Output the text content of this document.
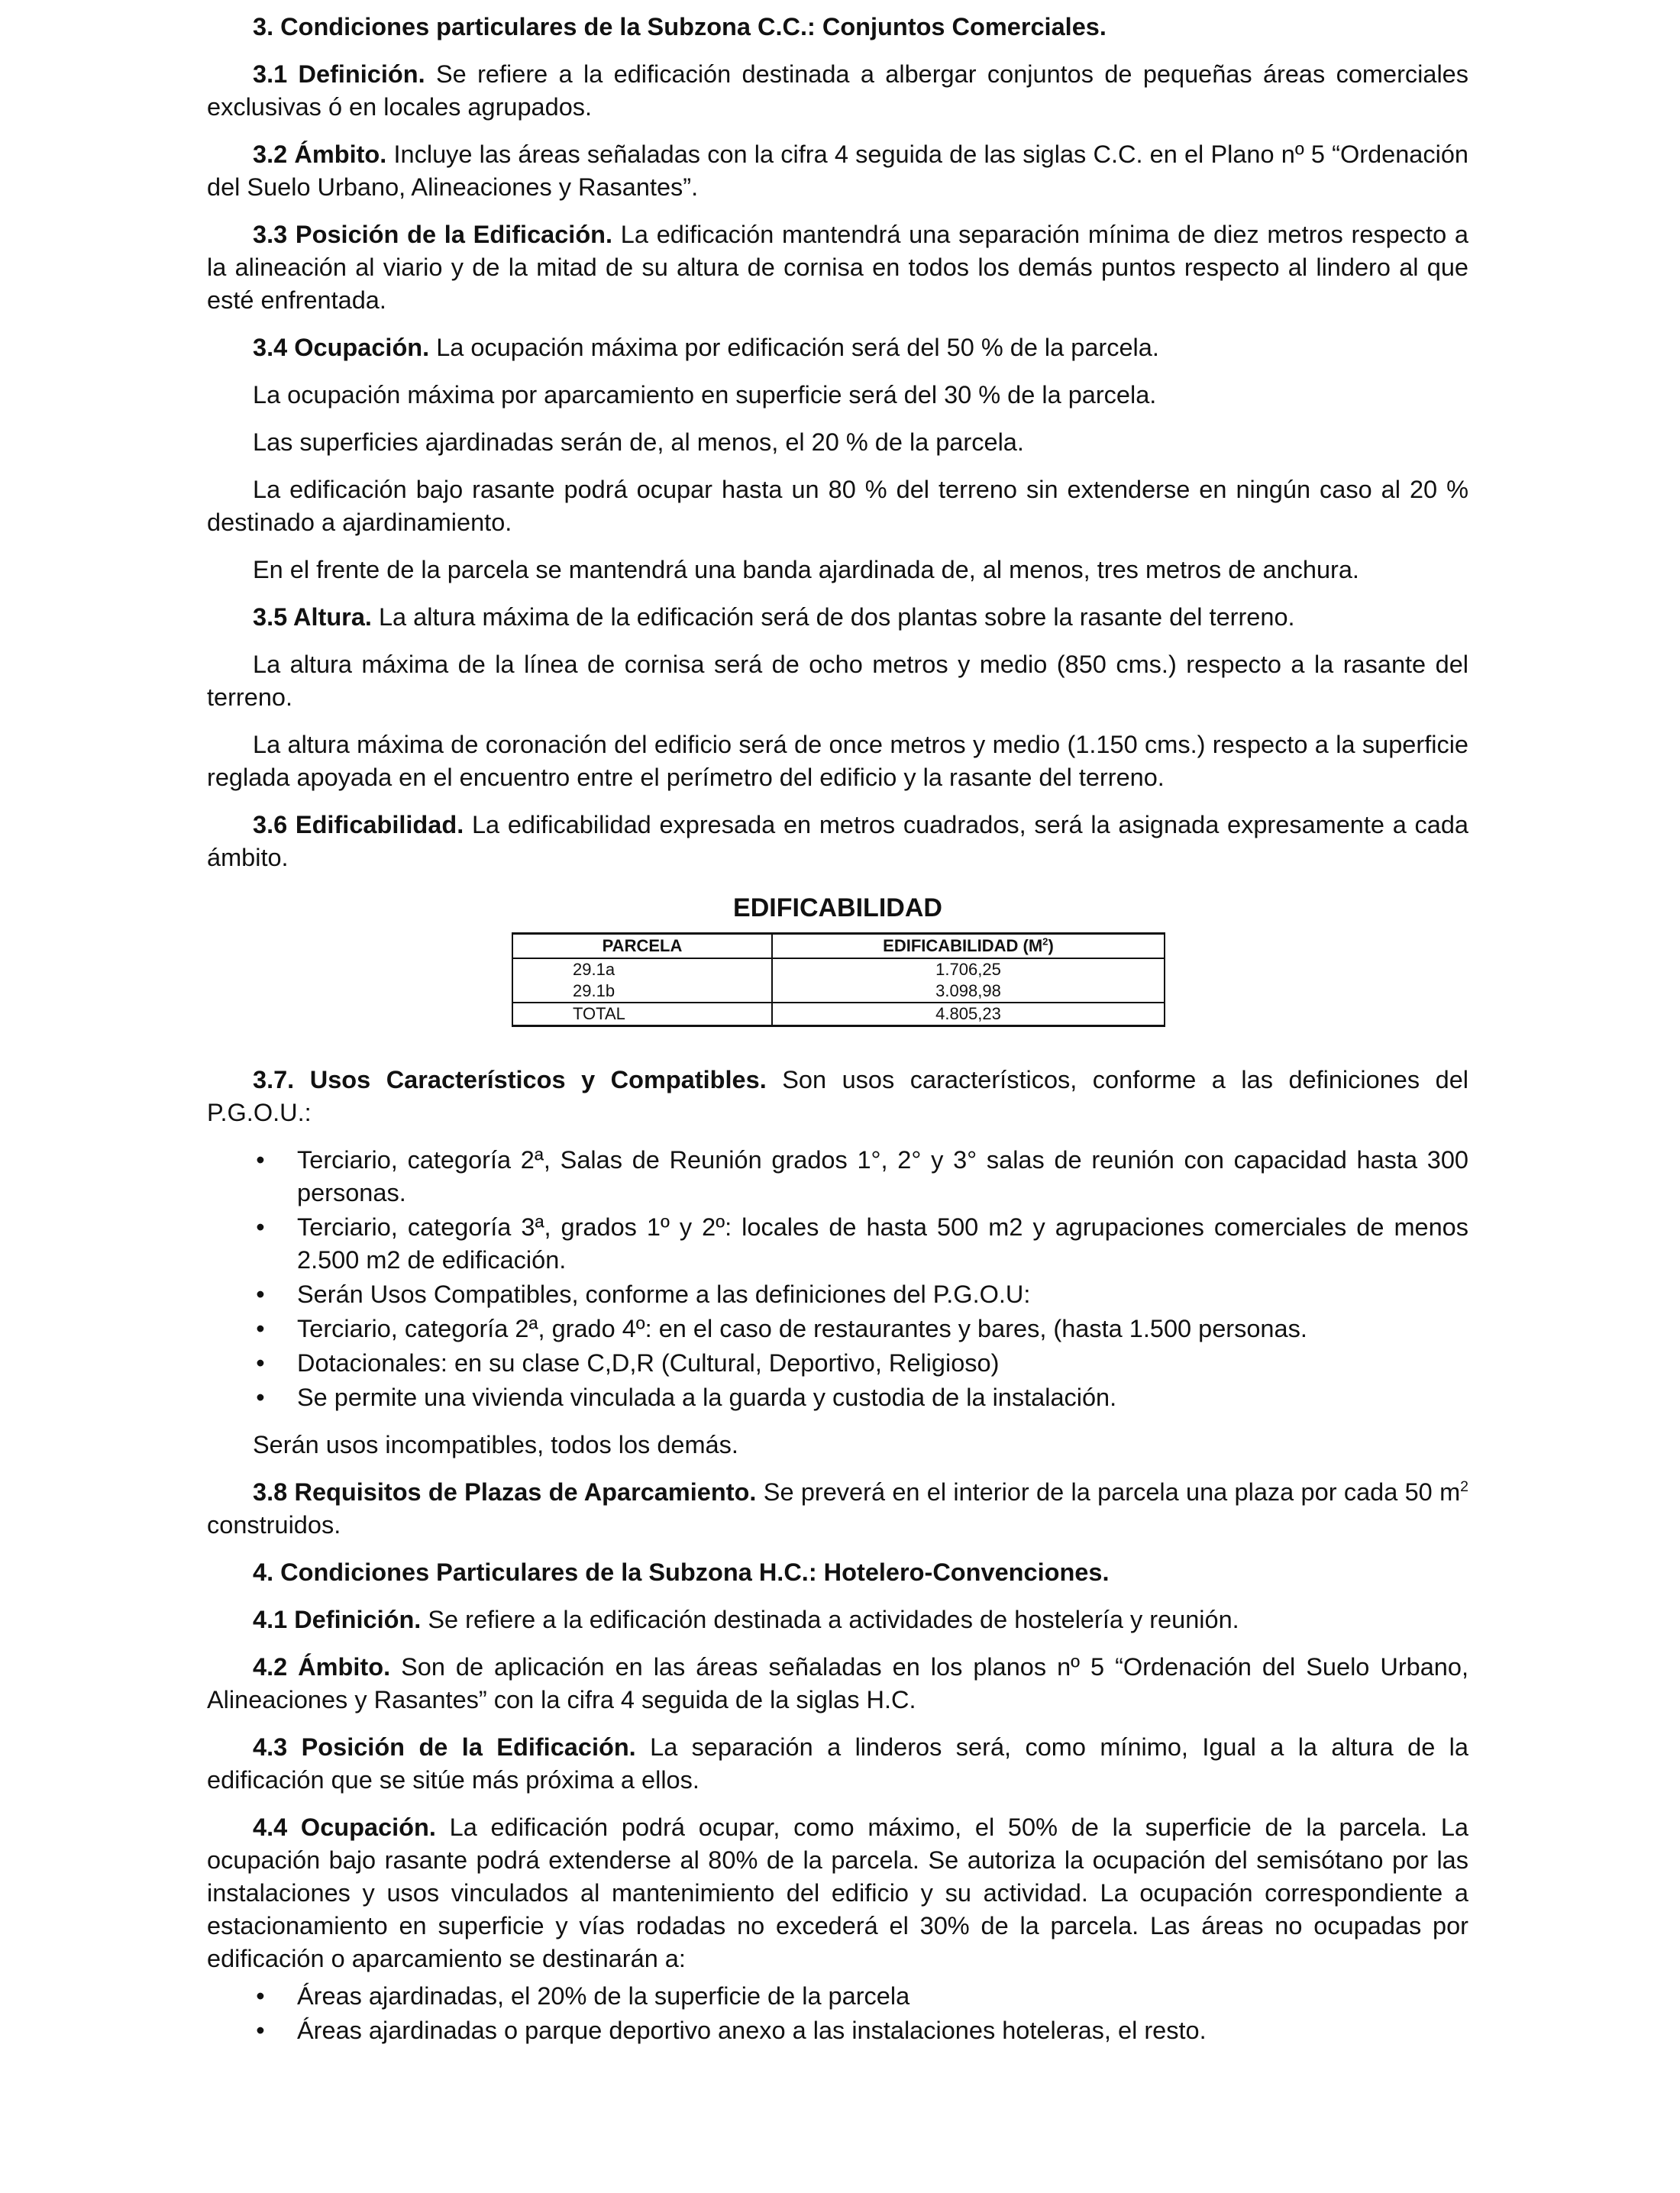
3. Condiciones particulares de la Subzona C.C.: Conjuntos Comerciales.

3.1 Definición. Se refiere a la edificación destinada a albergar conjuntos de pequeñas áreas comerciales exclusivas ó en locales agrupados.

3.2 Ámbito. Incluye las áreas señaladas con la cifra 4 seguida de las siglas C.C. en el Plano nº 5 “Ordenación del Suelo Urbano, Alineaciones y Rasantes”.

3.3 Posición de la Edificación. La edificación mantendrá una separación mínima de diez metros respecto a la alineación al viario y de la mitad de su altura de cornisa en todos los demás puntos respecto al lindero al que esté enfrentada.

3.4 Ocupación. La ocupación máxima por edificación será del 50 % de la parcela.

La ocupación máxima por aparcamiento en superficie será del 30 % de la parcela.

Las superficies ajardinadas serán de, al menos, el 20 % de la parcela.

La edificación bajo rasante podrá ocupar hasta un 80 % del terreno sin extenderse en ningún caso al 20 % destinado a ajardinamiento.

En el frente de la parcela se mantendrá una banda ajardinada de, al menos, tres metros de anchura.

3.5 Altura. La altura máxima de la edificación será de dos plantas sobre la rasante del terreno.

La altura máxima de la línea de cornisa será de ocho metros y medio (850 cms.) respecto a la rasante del terreno.

La altura máxima de coronación del edificio será de once metros y medio (1.150 cms.) respecto a la superficie reglada apoyada en el encuentro entre el perímetro del edificio y la rasante del terreno.

3.6 Edificabilidad. La edificabilidad expresada en metros cuadrados, será la asignada expresamente a cada ámbito.

EDIFICABILIDAD
PARCELA	EDIFICABILIDAD $(M^2)$
29.1a	1.706,25
29.1b	3.098,98
TOTAL	4.805,23

3.7. Usos Característicos y Compatibles. Son usos característicos, conforme a las definiciones del P.G.O.U.:

• Terciario, categoría 2ª, Salas de Reunión grados 1°, 2° y 3° salas de reunión con capacidad hasta 300 personas.
• Terciario, categoría 3ª, grados 1º y 2º: locales de hasta 500 m2 y agrupaciones comerciales de menos 2.500 m2 de edificación.
• Serán Usos Compatibles, conforme a las definiciones del P.G.O.U:
• Terciario, categoría 2ª, grado 4º: en el caso de restaurantes y bares, (hasta 1.500 personas.
• Dotacionales: en su clase C,D,R (Cultural, Deportivo, Religioso)
• Se permite una vivienda vinculada a la guarda y custodia de la instalación.

Serán usos incompatibles, todos los demás.

3.8 Requisitos de Plazas de Aparcamiento. Se preverá en el interior de la parcela una plaza por cada 50 $m^2$ construidos.

4. Condiciones Particulares de la Subzona H.C.: Hotelero-Convenciones.

4.1 Definición. Se refiere a la edificación destinada a actividades de hostelería y reunión.

4.2 Ámbito. Son de aplicación en las áreas señaladas en los planos nº 5 “Ordenación del Suelo Urbano, Alineaciones y Rasantes” con la cifra 4 seguida de la siglas H.C.

4.3 Posición de la Edificación. La separación a linderos será, como mínimo, Igual a la altura de la edificación que se sitúe más próxima a ellos.

4.4 Ocupación. La edificación podrá ocupar, como máximo, el 50% de la superficie de la parcela. La ocupación bajo rasante podrá extenderse al 80% de la parcela. Se autoriza la ocupación del semisótano por las instalaciones y usos vinculados al mantenimiento del edificio y su actividad. La ocupación correspondiente a estacionamiento en superficie y vías rodadas no excederá el 30% de la parcela. Las áreas no ocupadas por edificación o aparcamiento se destinarán a:

• Áreas ajardinadas, el 20% de la superficie de la parcela
• Áreas ajardinadas o parque deportivo anexo a las instalaciones hoteleras, el resto.
